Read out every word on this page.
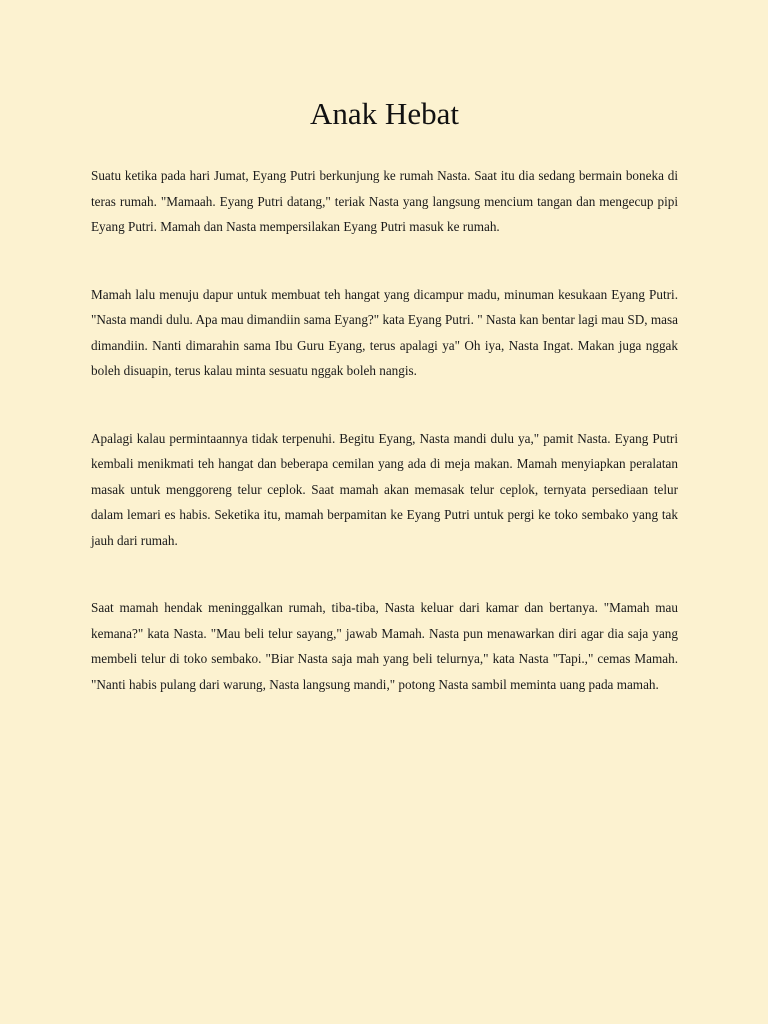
Anak Hebat

Suatu ketika pada hari Jumat, Eyang Putri berkunjung ke rumah Nasta. Saat itu dia sedang bermain boneka di teras rumah. "Mamaah. Eyang Putri datang," teriak Nasta yang langsung mencium tangan dan mengecup pipi Eyang Putri. Mamah dan Nasta mempersilakan Eyang Putri masuk ke rumah.

Mamah lalu menuju dapur untuk membuat teh hangat yang dicampur madu, minuman kesukaan Eyang Putri. "Nasta mandi dulu. Apa mau dimandiin sama Eyang?" kata Eyang Putri. " Nasta kan bentar lagi mau SD, masa dimandiin. Nanti dimarahin sama Ibu Guru Eyang, terus apalagi ya" Oh iya, Nasta Ingat. Makan juga nggak boleh disuapin, terus kalau minta sesuatu nggak boleh nangis.

Apalagi kalau permintaannya tidak terpenuhi. Begitu Eyang, Nasta mandi dulu ya," pamit Nasta. Eyang Putri kembali menikmati teh hangat dan beberapa cemilan yang ada di meja makan. Mamah menyiapkan peralatan masak untuk menggoreng telur ceplok. Saat mamah akan memasak telur ceplok, ternyata persediaan telur dalam lemari es habis. Seketika itu, mamah berpamitan ke Eyang Putri untuk pergi ke toko sembako yang tak jauh dari rumah.

Saat mamah hendak meninggalkan rumah, tiba-tiba, Nasta keluar dari kamar dan bertanya. "Mamah mau kemana?" kata Nasta. "Mau beli telur sayang," jawab Mamah. Nasta pun menawarkan diri agar dia saja yang membeli telur di toko sembako. "Biar Nasta saja mah yang beli telurnya," kata Nasta "Tapi.," cemas Mamah. "Nanti habis pulang dari warung, Nasta langsung mandi," potong Nasta sambil meminta uang pada mamah.
